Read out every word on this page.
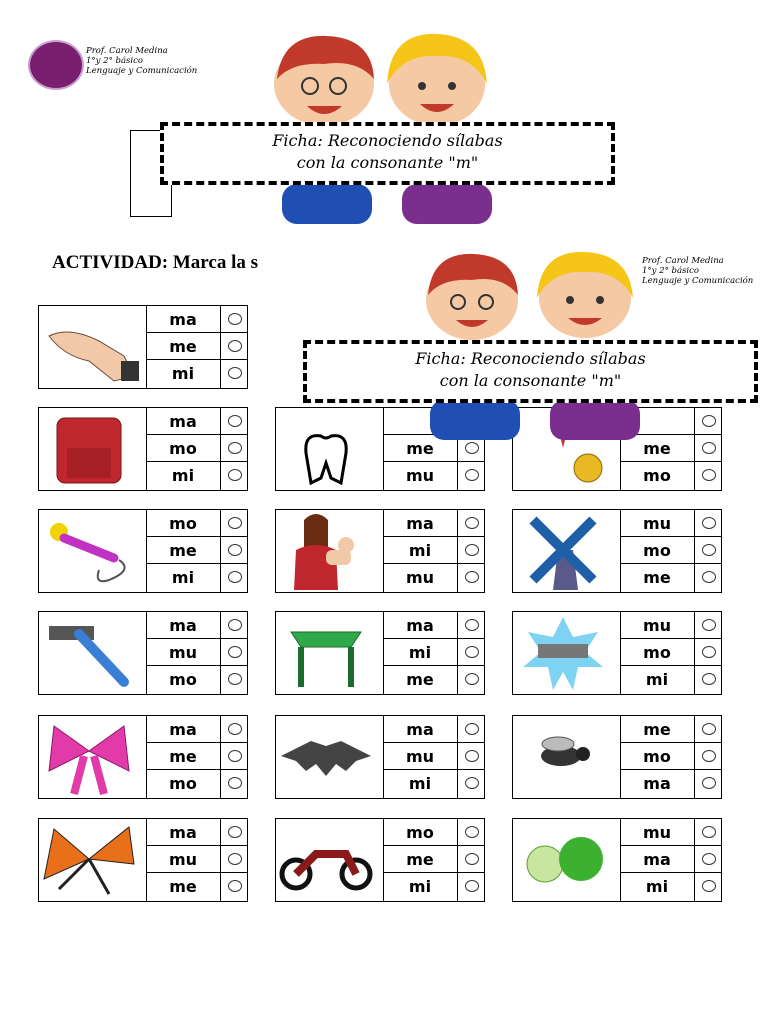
Prof. Carol Medina
1°y 2° básico
Lenguaje y Comunicación
Ficha: Reconociendo sílabas
con la consonante "m"
ACTIVIDAD: Marca la s	Prof. Carol Medina
1°y 2° básico
Lenguaje y Comunicación
ma
me
mi
ma
mo
mi
me
mu
me
mo
mo
me
mi
ma
mi
mu
mu
mo
me
ma
mu
mo
ma
mi
me
mu
mo
mi
ma
me
mo
ma
mu
mi
me
mo
ma
ma
mu
me
mo
me
mi
mu
ma
mi
Ficha: Reconociendo sílabas
con la consonante "m"
